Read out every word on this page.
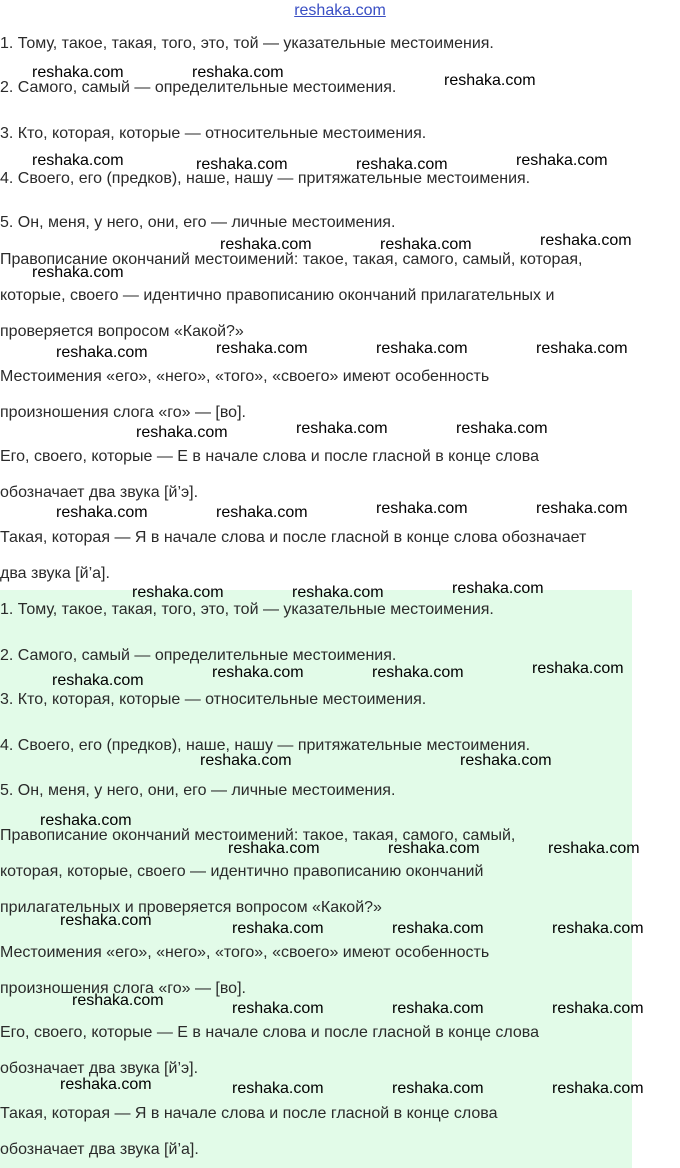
reshaka.com
1. Тому, такое, такая, того, это, той — указательные местоимения.
2. Самого, самый — определительные местоимения.
3. Кто, которая, которые — относительные местоимения.
4. Своего, его (предков), наше, нашу — притяжательные местоимения.
5. Он, меня, у него, они, его — личные местоимения.
Правописание окончаний местоимений: такое, такая, самого, самый, которая,
которые, своего — идентично правописанию окончаний прилагательных и
проверяется вопросом «Какой?»
Местоимения «его», «него», «того», «своего» имеют особенность
произношения слога «го» — [во].
Его, своего, которые — Е в начале слова и после гласной в конце слова
обозначает два звука [й’э].
Такая, которая — Я в начале слова и после гласной в конце слова обозначает
два звука [й’а].
1. Тому, такое, такая, того, это, той — указательные местоимения.
2. Самого, самый — определительные местоимения.
3. Кто, которая, которые — относительные местоимения.
4. Своего, его (предков), наше, нашу — притяжательные местоимения.
5. Он, меня, у него, они, его — личные местоимения.
Правописание окончаний местоимений: такое, такая, самого, самый,
которая, которые, своего — идентично правописанию окончаний
прилагательных и проверяется вопросом «Какой?»
Местоимения «его», «него», «того», «своего» имеют особенность
произношения слога «го» — [во].
Его, своего, которые — Е в начале слова и после гласной в конце слова
обозначает два звука [й’э].
Такая, которая — Я в начале слова и после гласной в конце слова
обозначает два звука [й’а].
reshaka.com	reshaka.com	reshaka.com
reshaka.com	reshaka.com	reshaka.com	reshaka.com
reshaka.com	reshaka.com	reshaka.com
reshaka.com
reshaka.com	reshaka.com	reshaka.com	reshaka.com
reshaka.com	reshaka.com	reshaka.com
reshaka.com	reshaka.com	reshaka.com	reshaka.com
reshaka.com	reshaka.com	reshaka.com
reshaka.com	reshaka.com	reshaka.com	reshaka.com
reshaka.com	reshaka.com
reshaka.com
reshaka.com	reshaka.com	reshaka.com
reshaka.com	reshaka.com	reshaka.com	reshaka.com
reshaka.com	reshaka.com	reshaka.com	reshaka.com
reshaka.com	reshaka.com	reshaka.com	reshaka.com
